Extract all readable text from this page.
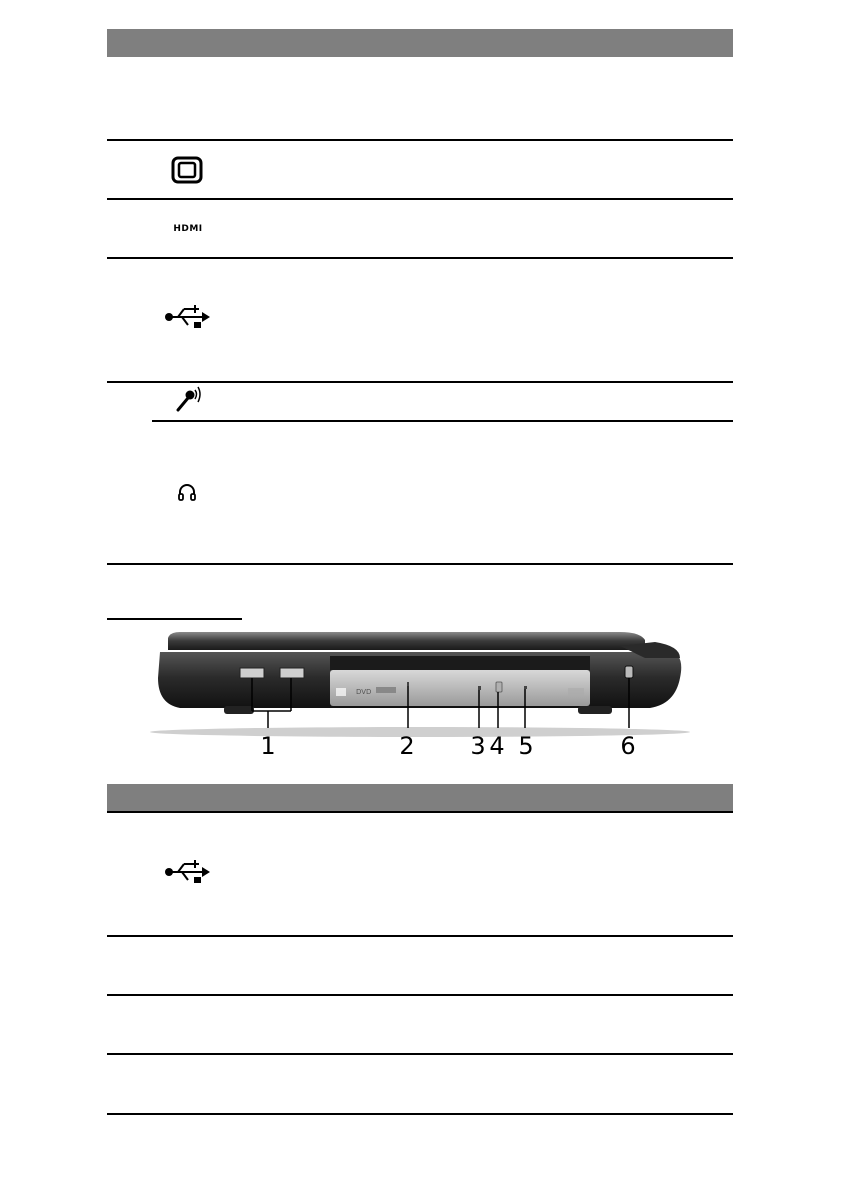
HDMI
DVD
1	2 3 4 5	6
